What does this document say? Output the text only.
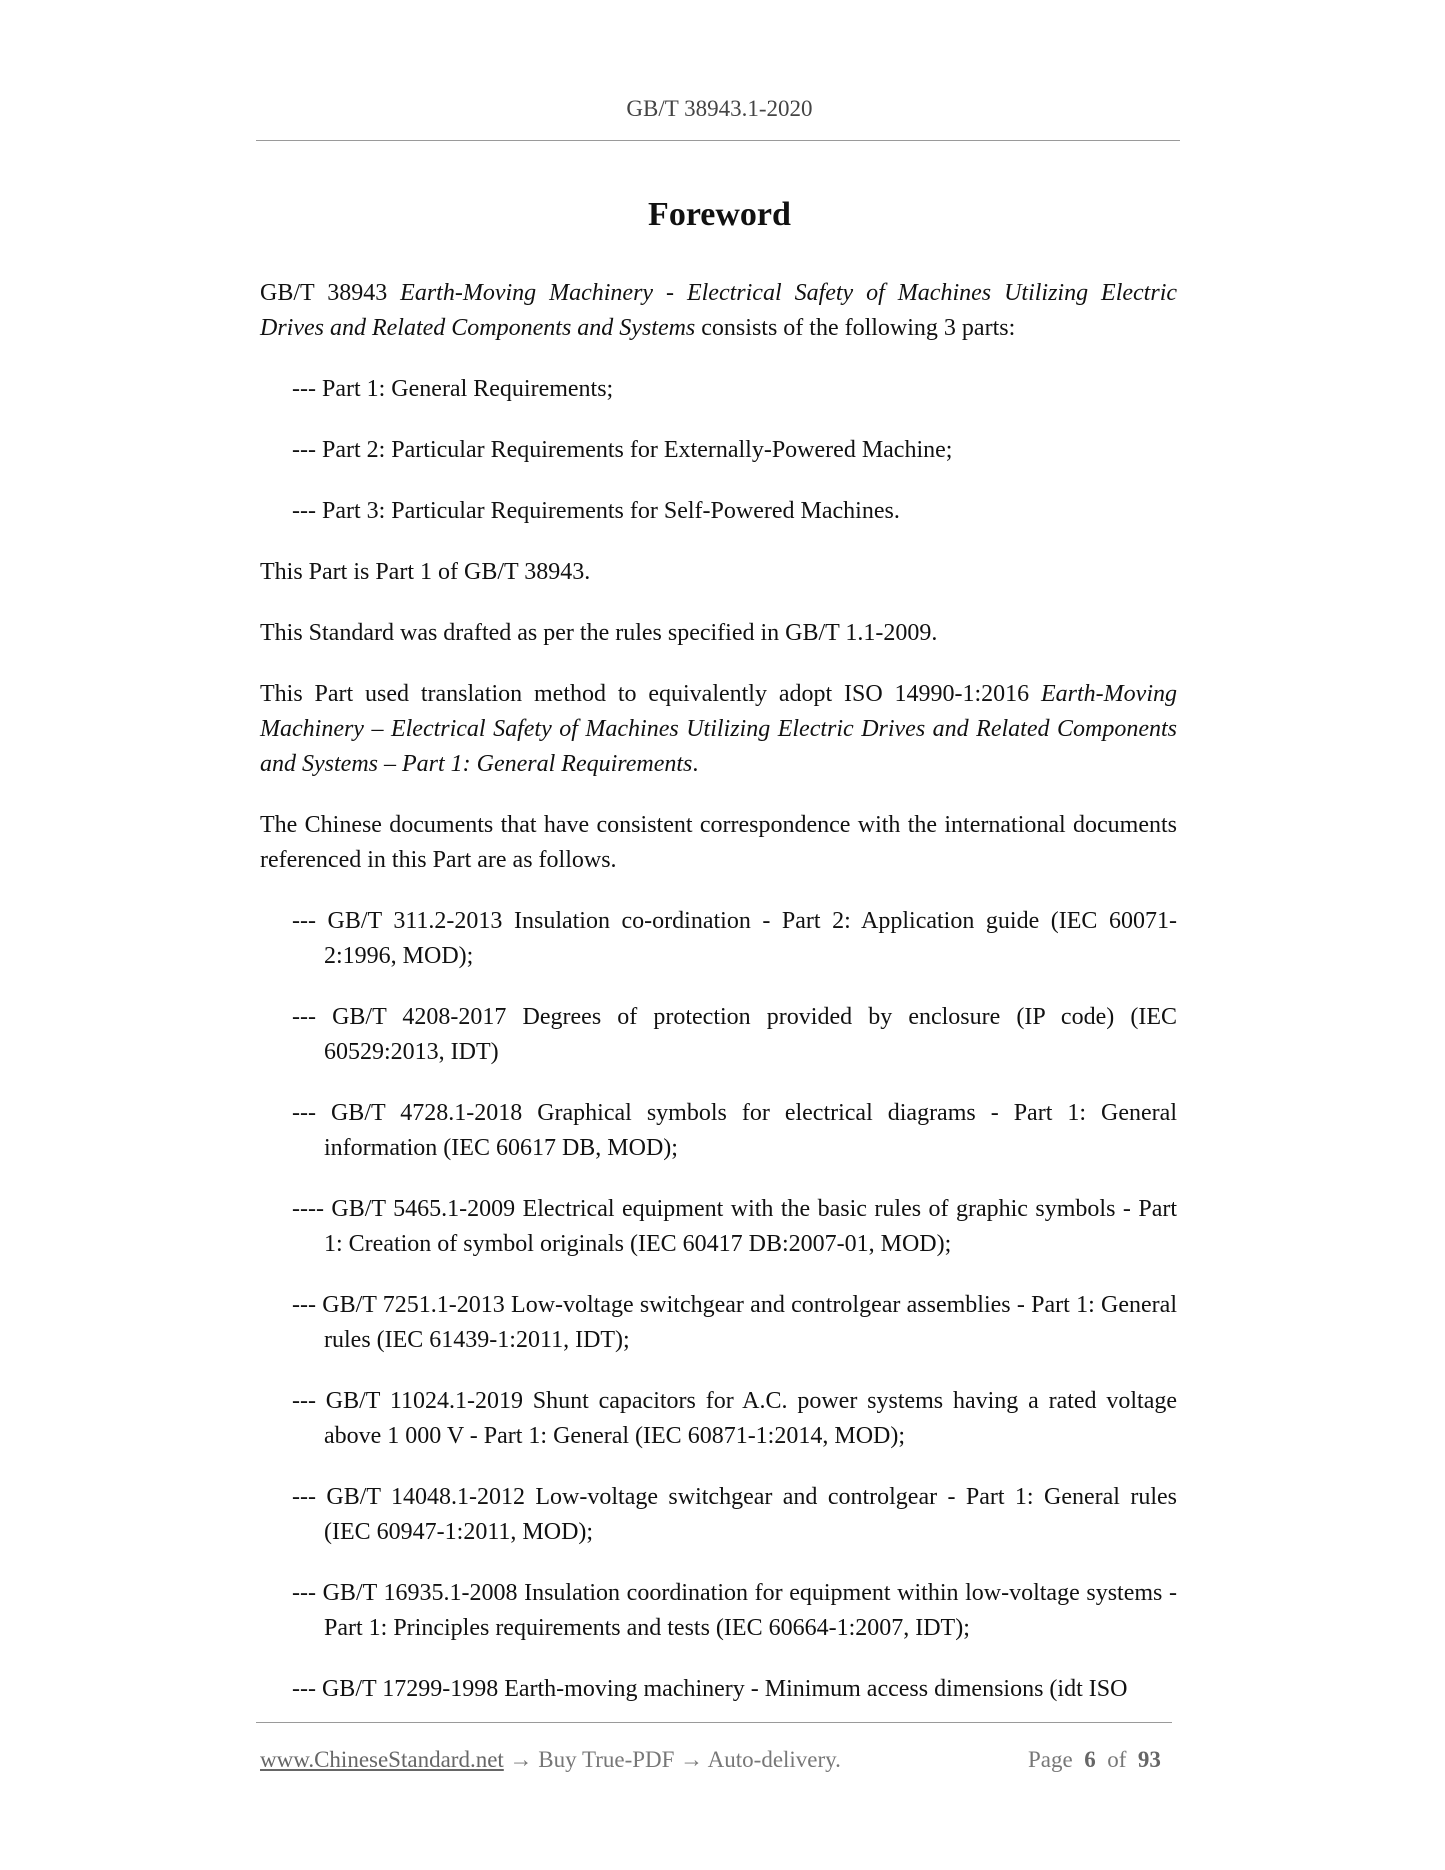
GB/T 38943.1-2020
Foreword

GB/T 38943 Earth-Moving Machinery - Electrical Safety of Machines Utilizing Electric Drives and Related Components and Systems consists of the following 3 parts:

--- Part 1: General Requirements;

--- Part 2: Particular Requirements for Externally-Powered Machine;

--- Part 3: Particular Requirements for Self-Powered Machines.

This Part is Part 1 of GB/T 38943.

This Standard was drafted as per the rules specified in GB/T 1.1-2009.

This Part used translation method to equivalently adopt ISO 14990-1:2016 Earth-Moving Machinery – Electrical Safety of Machines Utilizing Electric Drives and Related Components and Systems – Part 1: General Requirements.

The Chinese documents that have consistent correspondence with the international documents referenced in this Part are as follows.

--- GB/T 311.2-2013 Insulation co-ordination - Part 2: Application guide (IEC 60071-2:1996, MOD);

--- GB/T 4208-2017 Degrees of protection provided by enclosure (IP code) (IEC 60529:2013, IDT)

--- GB/T 4728.1-2018 Graphical symbols for electrical diagrams - Part 1: General information (IEC 60617 DB, MOD);

---- GB/T 5465.1-2009 Electrical equipment with the basic rules of graphic symbols - Part 1: Creation of symbol originals (IEC 60417 DB:2007-01, MOD);

--- GB/T 7251.1-2013 Low-voltage switchgear and controlgear assemblies - Part 1: General rules (IEC 61439-1:2011, IDT);

--- GB/T 11024.1-2019 Shunt capacitors for A.C. power systems having a rated voltage above 1 000 V - Part 1: General (IEC 60871-1:2014, MOD);

--- GB/T 14048.1-2012 Low-voltage switchgear and controlgear - Part 1: General rules (IEC 60947-1:2011, MOD);

--- GB/T 16935.1-2008 Insulation coordination for equipment within low-voltage systems - Part 1: Principles requirements and tests (IEC 60664-1:2007, IDT);

--- GB/T 17299-1998 Earth-moving machinery - Minimum access dimensions (idt ISO

www.ChineseStandard.net → Buy True-PDF → Auto-delivery.	Page 6 of 93
